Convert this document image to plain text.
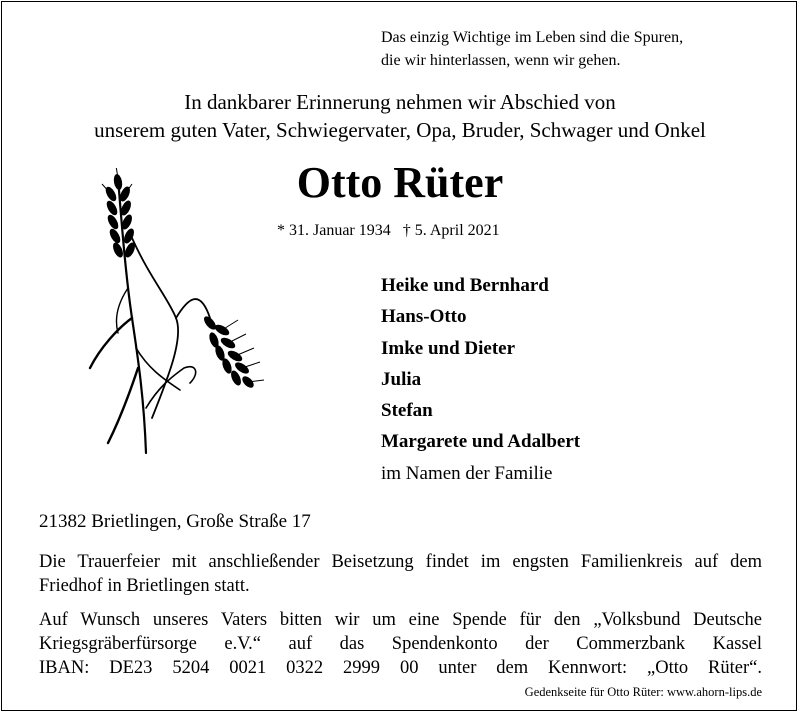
Das einzig Wichtige im Leben sind die Spuren,
die wir hinterlassen, wenn wir gehen.
In dankbarer Erinnerung nehmen wir Abschied von
unserem guten Vater, Schwiegervater, Opa, Bruder, Schwager und Onkel
Otto Rüter
* 31. Januar 1934   † 5. April 2021
Heike und Bernhard
Hans-Otto
Imke und Dieter
Julia
Stefan
Margarete und Adalbert
im Namen der Familie
21382 Brietlingen, Große Straße 17
Die Trauerfeier mit anschließender Beisetzung findet im engsten Familienkreis auf dem
Friedhof in Brietlingen statt.
Auf Wunsch unseres Vaters bitten wir um eine Spende für den „Volksbund Deutsche
Kriegsgräberfürsorge e.V.“ auf das Spendenkonto der Commerzbank Kassel
IBAN: DE23 5204 0021 0322 2999 00 unter dem Kennwort: „Otto Rüter“.
Gedenkseite für Otto Rüter: www.ahorn-lips.de
